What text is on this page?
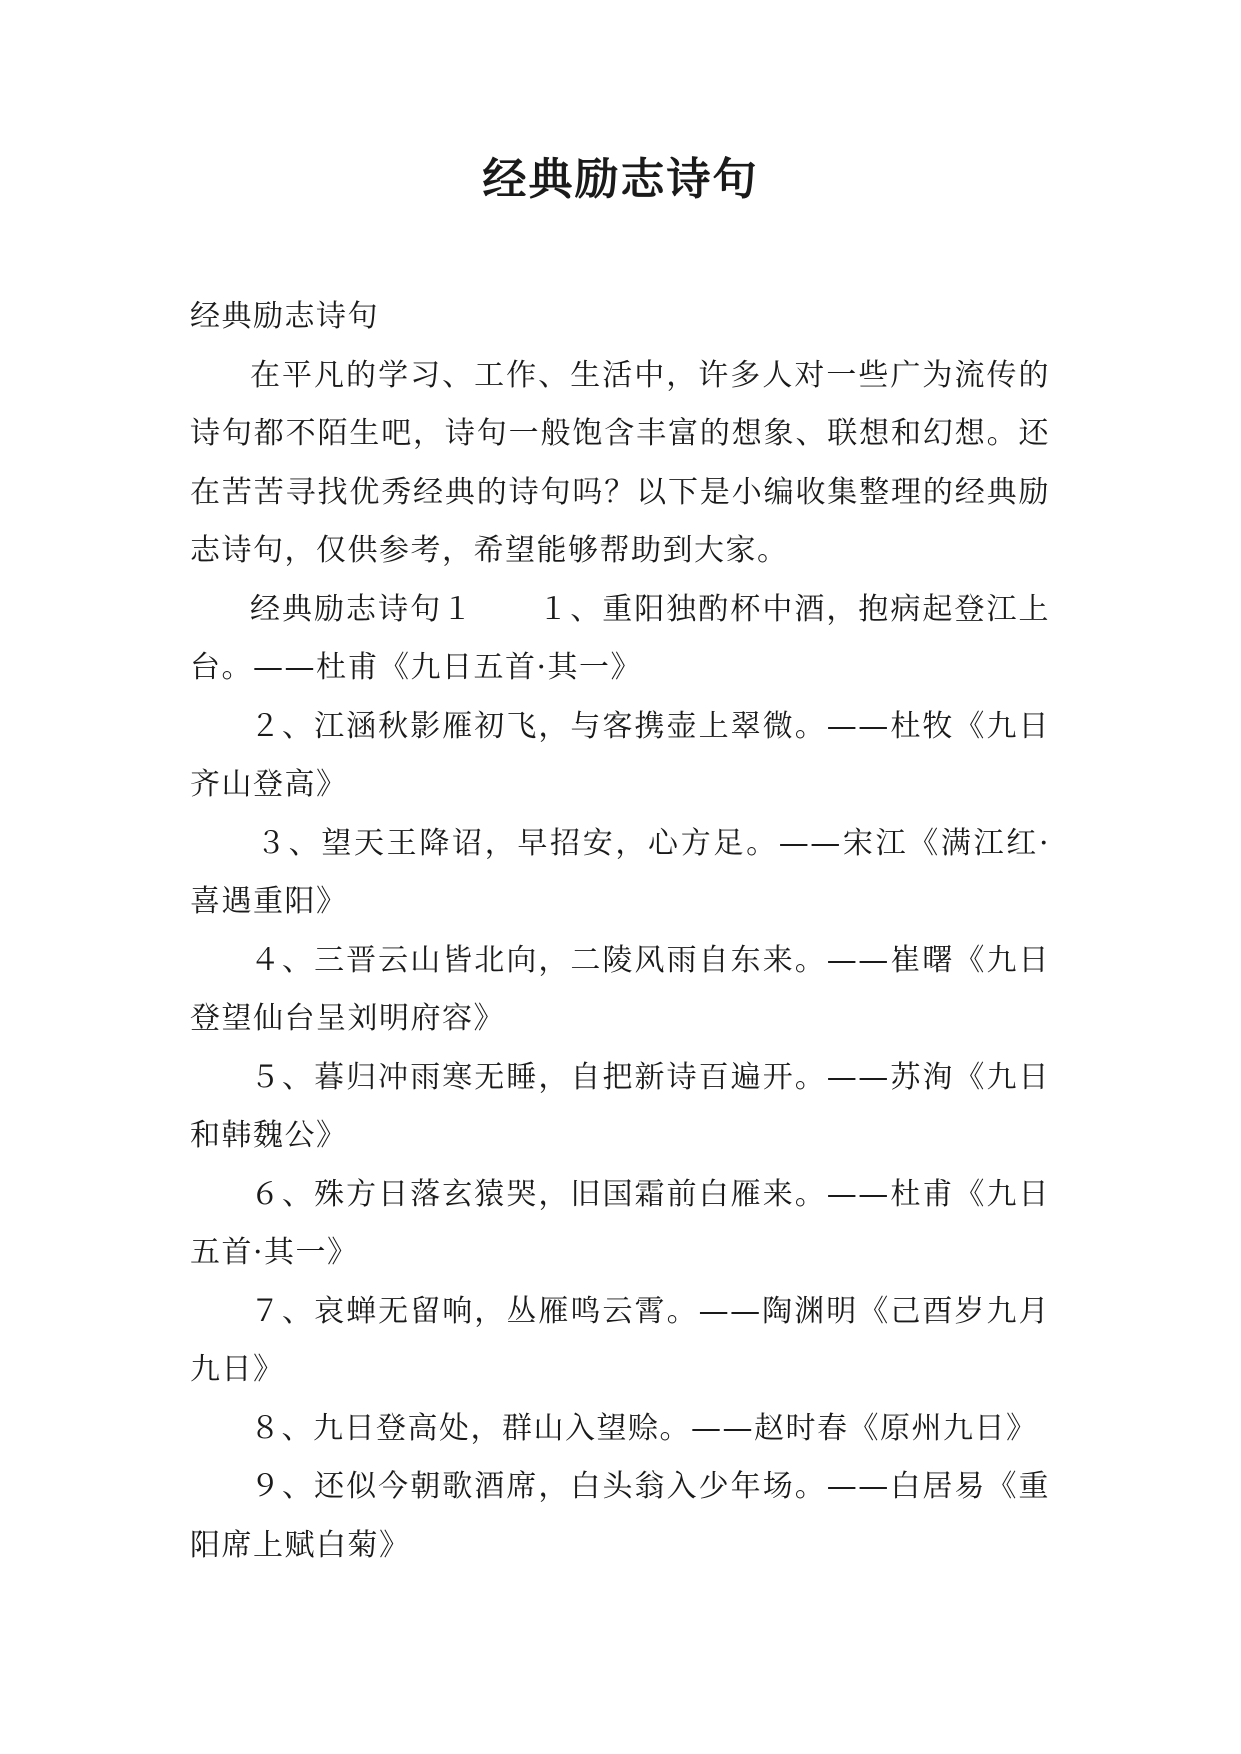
经典励志诗句

经典励志诗句

在平凡的学习、工作、生活中，许多人对一些广为流传的诗句都不陌生吧，诗句一般饱含丰富的想象、联想和幻想。还在苦苦寻找优秀经典的诗句吗？以下是小编收集整理的经典励志诗句，仅供参考，希望能够帮助到大家。

经典励志诗句１　　１、重阳独酌杯中酒，抱病起登江上台。——杜甫《九日五首·其一》

２、江涵秋影雁初飞，与客携壶上翠微。——杜牧《九日齐山登高》

３、望天王降诏，早招安，心方足。——宋江《满江红·喜遇重阳》

４、三晋云山皆北向，二陵风雨自东来。——崔曙《九日登望仙台呈刘明府容》

５、暮归冲雨寒无睡，自把新诗百遍开。——苏洵《九日和韩魏公》

６、殊方日落玄猿哭，旧国霜前白雁来。——杜甫《九日五首·其一》

７、哀蝉无留响，丛雁鸣云霄。——陶渊明《己酉岁九月九日》

８、九日登高处，群山入望赊。——赵时春《原州九日》

９、还似今朝歌酒席，白头翁入少年场。——白居易《重阳席上赋白菊》
